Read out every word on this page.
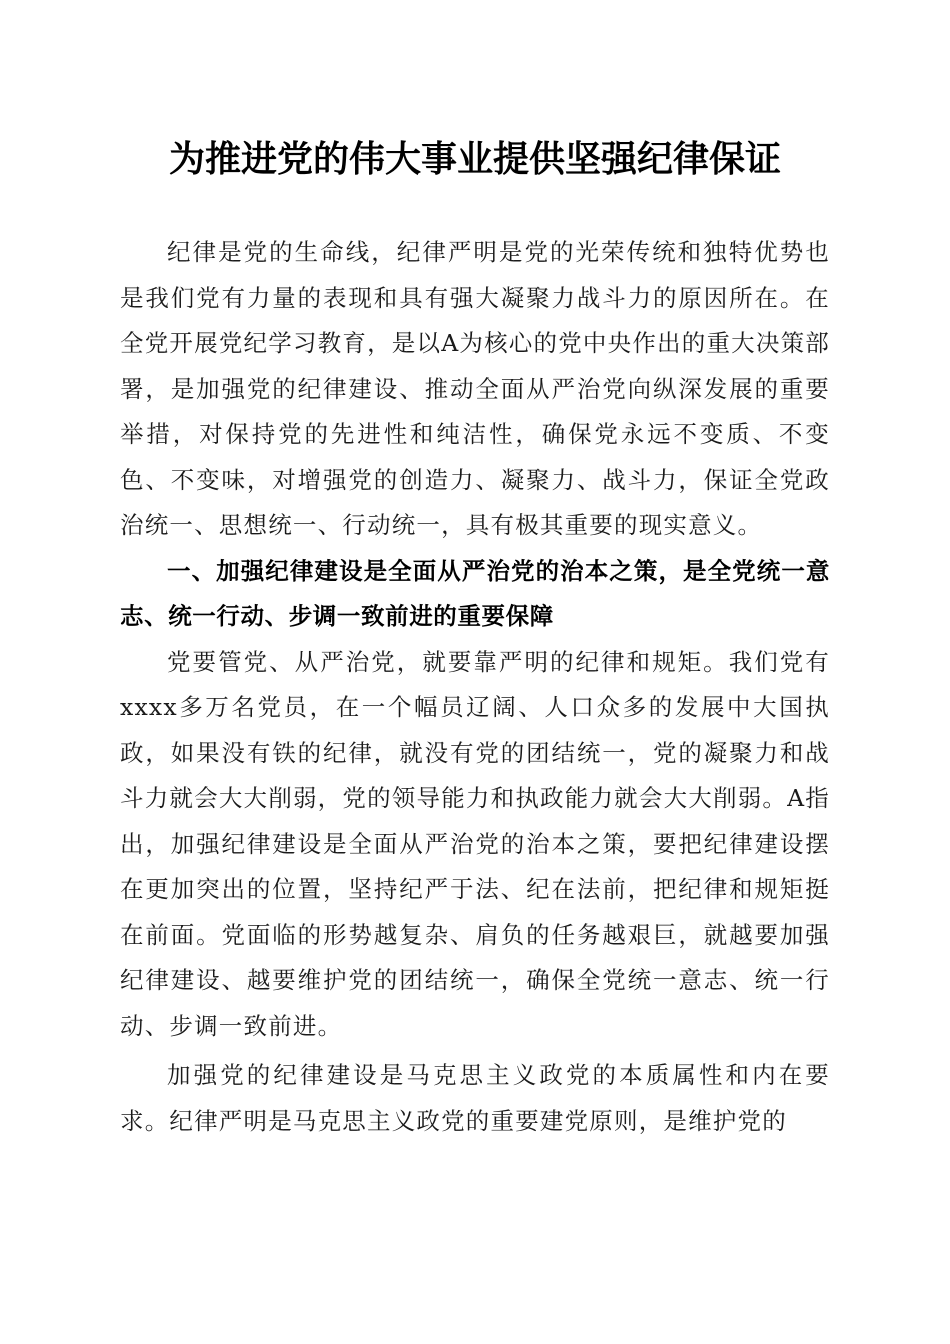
为推进党的伟大事业提供坚强纪律保证

纪律是党的生命线，纪律严明是党的光荣传统和独特优势也是我们党有力量的表现和具有强大凝聚力战斗力的原因所在。在全党开展党纪学习教育，是以A为核心的党中央作出的重大决策部署，是加强党的纪律建设、推动全面从严治党向纵深发展的重要举措，对保持党的先进性和纯洁性，确保党永远不变质、不变色、不变味，对增强党的创造力、凝聚力、战斗力，保证全党政治统一、思想统一、行动统一，具有极其重要的现实意义。

一、加强纪律建设是全面从严治党的治本之策，是全党统一意志、统一行动、步调一致前进的重要保障

党要管党、从严治党，就要靠严明的纪律和规矩。我们党有xxxx多万名党员，在一个幅员辽阔、人口众多的发展中大国执政，如果没有铁的纪律，就没有党的团结统一，党的凝聚力和战斗力就会大大削弱，党的领导能力和执政能力就会大大削弱。A指出，加强纪律建设是全面从严治党的治本之策，要把纪律建设摆在更加突出的位置，坚持纪严于法、纪在法前，把纪律和规矩挺在前面。党面临的形势越复杂、肩负的任务越艰巨，就越要加强纪律建设、越要维护党的团结统一，确保全党统一意志、统一行动、步调一致前进。

加强党的纪律建设是马克思主义政党的本质属性和内在要求。纪律严明是马克思主义政党的重要建党原则，是维护党的
